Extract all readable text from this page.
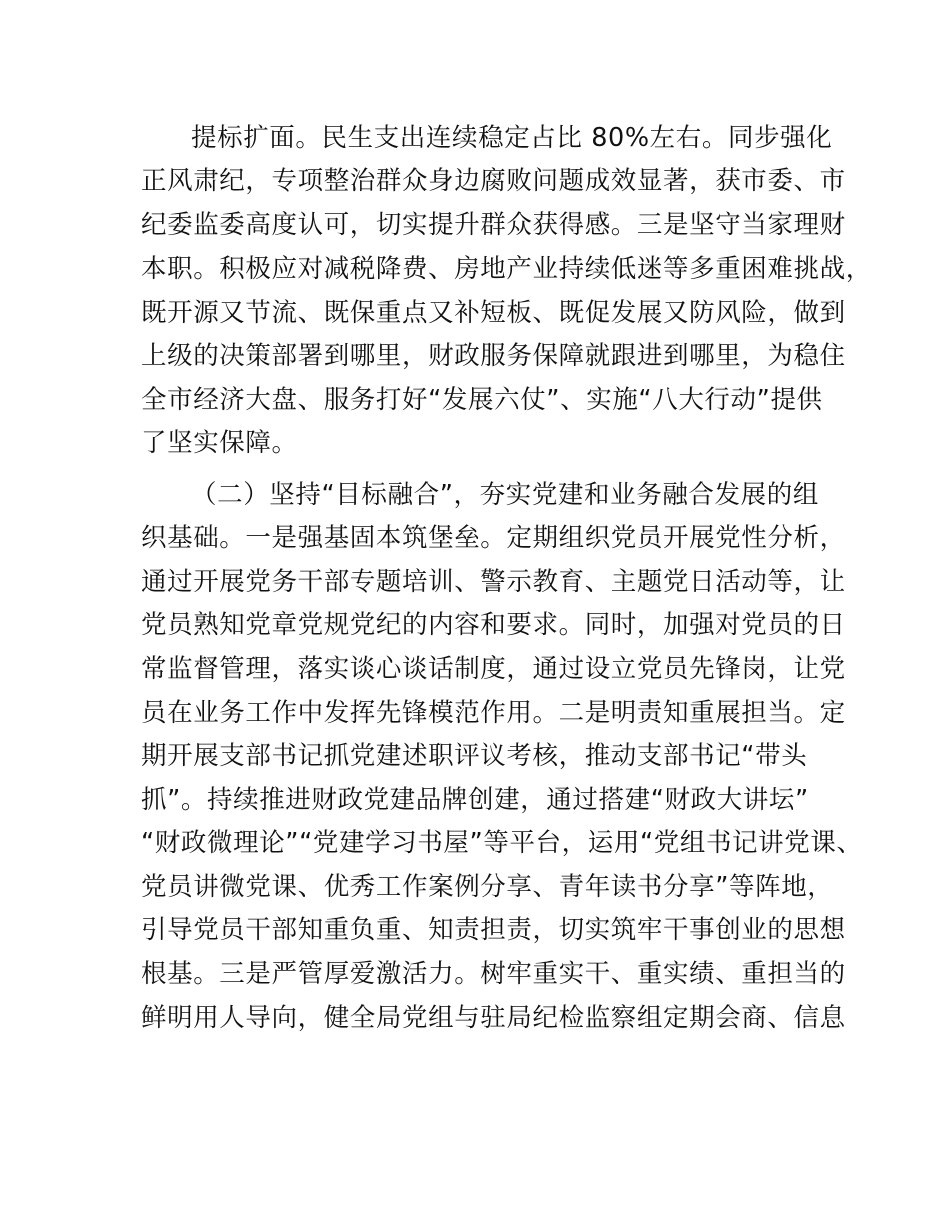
提标扩面。民生支出连续稳定占比 80%左右。同步强化
正风肃纪，专项整治群众身边腐败问题成效显著，获市委、市
纪委监委高度认可，切实提升群众获得感。三是坚守当家理财
本职。积极应对减税降费、房地产业持续低迷等多重困难挑战，
既开源又节流、既保重点又补短板、既促发展又防风险，做到
上级的决策部署到哪里，财政服务保障就跟进到哪里，为稳住
全市经济大盘、服务打好“发展六仗”、实施“八大行动”提供
了坚实保障。
（二）坚持“目标融合”，夯实党建和业务融合发展的组
织基础。一是强基固本筑堡垒。定期组织党员开展党性分析，
通过开展党务干部专题培训、警示教育、主题党日活动等，让
党员熟知党章党规党纪的内容和要求。同时，加强对党员的日
常监督管理，落实谈心谈话制度，通过设立党员先锋岗，让党
员在业务工作中发挥先锋模范作用。二是明责知重展担当。定
期开展支部书记抓党建述职评议考核，推动支部书记“带头
抓”。持续推进财政党建品牌创建，通过搭建“财政大讲坛”
“财政微理论”“党建学习书屋”等平台，运用“党组书记讲党课、
党员讲微党课、优秀工作案例分享、青年读书分享”等阵地，
引导党员干部知重负重、知责担责，切实筑牢干事创业的思想
根基。三是严管厚爱激活力。树牢重实干、重实绩、重担当的
鲜明用人导向，健全局党组与驻局纪检监察组定期会商、信息
